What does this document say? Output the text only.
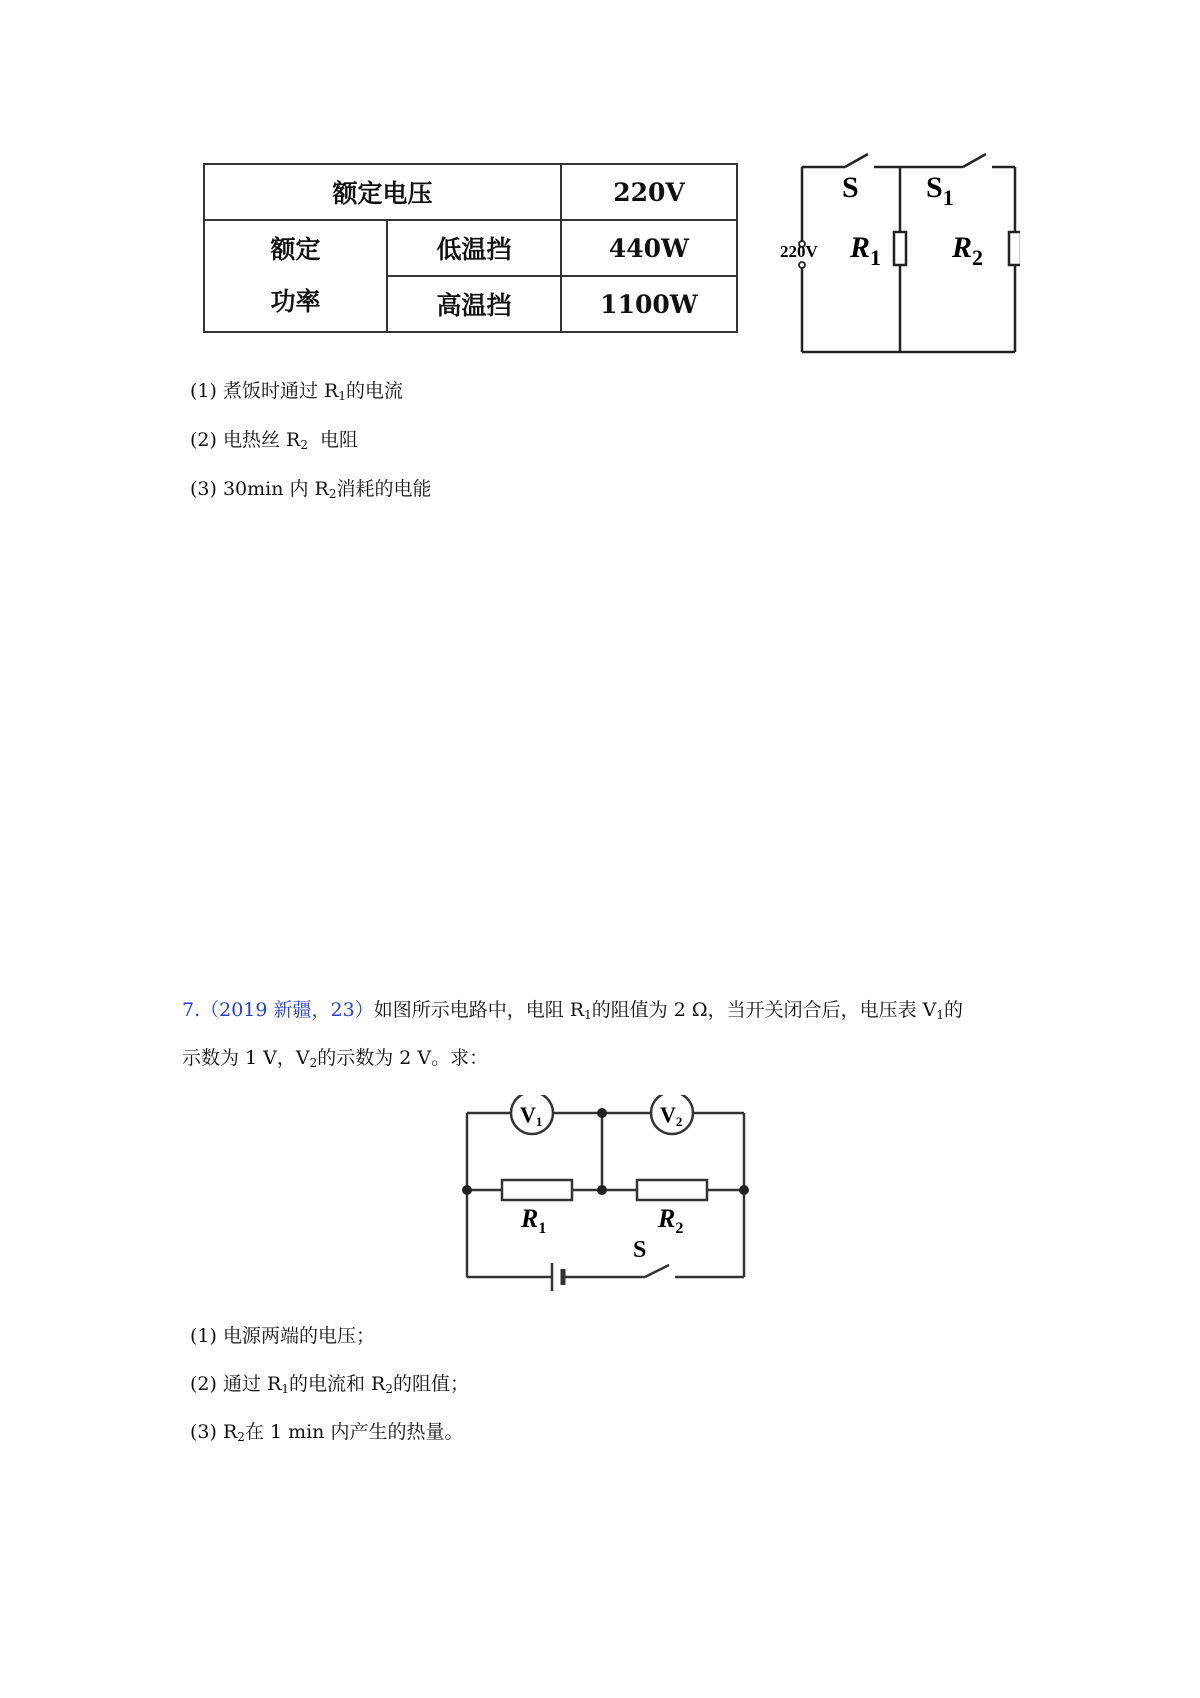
额定电压		220V

额定
功率	低温挡	440W
	高温挡	1100W
S $S_1$
220V $R_1$ $R_2$
(1) 煮饭时通过 $R_1$的电流
(2) 电热丝 $R_2$  电阻
(3) 30min 内 $R_2$消耗的电能
7.（2019 新疆，23）如图所示电路中，电阻 $R_1$的阻值为 2 Ω，当开关闭合后，电压表 $V_1$的
示数为 1 V，$V_2$的示数为 2 V。求：
V1	V2
$R_1$	$R_2$
S
(1) 电源两端的电压；
(2) 通过 $R_1$的电流和 $R_2$的阻值；
(3) $R_2$在 1 min 内产生的热量。
